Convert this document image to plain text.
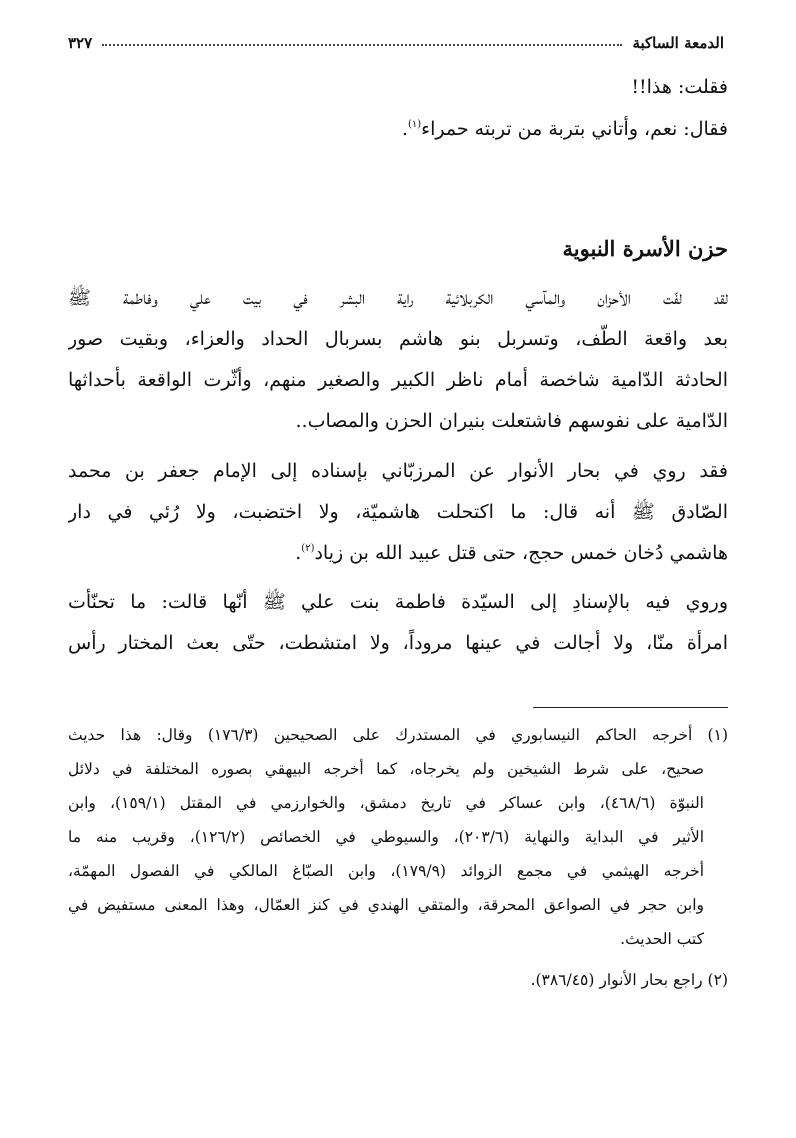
الدمعة الساكبة
٣٢٧
فقلت: هذا!!
فقال: نعم، وأتاني بتربة من تربته حمراء$^{(١)}$.
حزن الأسرة النبوية
لقد لفّت الأحزان والمآسي الكربلائية راية البشر في بيت علي وفاطمة ﷺ
بعد واقعة الطّف، وتسربل بنو هاشم بسربال الحداد والعزاء، وبقيت صور
الحادثة الدّامية شاخصة أمام ناظر الكبير والصغير منهم، وأثّرت الواقعة بأحداثها
الدّامية على نفوسهم فاشتعلت بنيران الحزن والمصاب..
فقد روي في بحار الأنوار عن المرزبّاني بإسناده إلى الإمام جعفر بن محمد
الصّادق ﷺ أنه قال: ما اكتحلت هاشميّة، ولا اختضبت، ولا رُئي في دار
هاشمي دُخان خمس حجج، حتى قتل عبيد الله بن زياد$^{(٢)}$.
وروي فيه بالإسنادِ إلى السيّدة فاطمة بنت علي ﷺ أنّها قالت: ما تحنّأت
امرأة منّا، ولا أجالت في عينها مروداً، ولا امتشطت، حتّى بعث المختار رأس
(١) أخرجه الحاكم النيسابوري في المستدرك على الصحيحين (١٧٦/٣) وقال: هذا حديث
صحيح، على شرط الشيخين ولم يخرجاه، كما أخرجه البيهقي بصوره المختلفة في دلائل
النبوّة (٤٦٨/٦)، وابن عساكر في تاريخ دمشق، والخوارزمي في المقتل (١٥٩/١)، وابن
الأثير في البداية والنهاية (٢٠٣/٦)، والسيوطي في الخصائص (١٢٦/٢)، وقريب منه ما
أخرجه الهيثمي في مجمع الزوائد (١٧٩/٩)، وابن الصبّاغ المالكي في الفصول المهمّة،
وابن حجر في الصواعق المحرقة، والمتقي الهندي في كنز العمّال، وهذا المعنى مستفيض في
كتب الحديث.
(٢) راجع بحار الأنوار (٣٨٦/٤٥).
